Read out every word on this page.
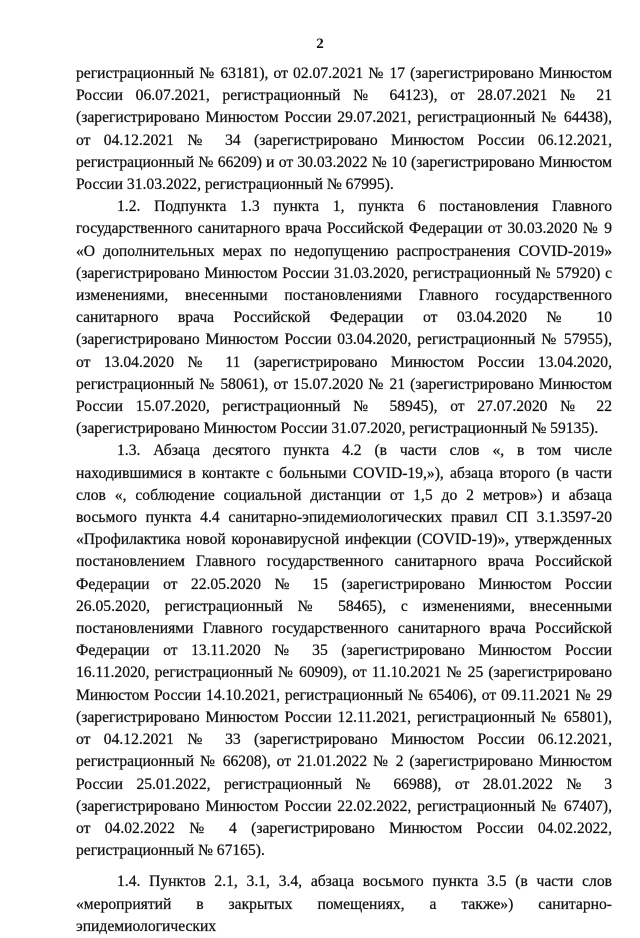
2

регистрационный № 63181), от 02.07.2021 № 17 (зарегистрировано Минюстом России 06.07.2021, регистрационный № 64123), от 28.07.2021 № 21 (зарегистрировано Минюстом России 29.07.2021, регистрационный № 64438), от 04.12.2021 № 34 (зарегистрировано Минюстом России 06.12.2021, регистрационный № 66209) и от 30.03.2022 № 10 (зарегистрировано Минюстом России 31.03.2022, регистрационный № 67995).

1.2. Подпункта 1.3 пункта 1, пункта 6 постановления Главного государственного санитарного врача Российской Федерации от 30.03.2020 № 9 «О дополнительных мерах по недопущению распространения COVID-2019» (зарегистрировано Минюстом России 31.03.2020, регистрационный № 57920) с изменениями, внесенными постановлениями Главного государственного санитарного врача Российской Федерации от 03.04.2020 № 10 (зарегистрировано Минюстом России 03.04.2020, регистрационный № 57955), от 13.04.2020 № 11 (зарегистрировано Минюстом России 13.04.2020, регистрационный № 58061), от 15.07.2020 № 21 (зарегистрировано Минюстом России 15.07.2020, регистрационный № 58945), от 27.07.2020 № 22 (зарегистрировано Минюстом России 31.07.2020, регистрационный № 59135).

1.3. Абзаца десятого пункта 4.2 (в части слов «, в том числе находившимися в контакте с больными COVID-19,»), абзаца второго (в части слов «, соблюдение социальной дистанции от 1,5 до 2 метров») и абзаца восьмого пункта 4.4 санитарно-эпидемиологических правил СП 3.1.3597-20 «Профилактика новой коронавирусной инфекции (COVID-19)», утвержденных постановлением Главного государственного санитарного врача Российской Федерации от 22.05.2020 № 15 (зарегистрировано Минюстом России 26.05.2020, регистрационный № 58465), с изменениями, внесенными постановлениями Главного государственного санитарного врача Российской Федерации от 13.11.2020 № 35 (зарегистрировано Минюстом России 16.11.2020, регистрационный № 60909), от 11.10.2021 № 25 (зарегистрировано Минюстом России 14.10.2021, регистрационный № 65406), от 09.11.2021 № 29 (зарегистрировано Минюстом России 12.11.2021, регистрационный № 65801), от 04.12.2021 № 33 (зарегистрировано Минюстом России 06.12.2021, регистрационный № 66208), от 21.01.2022 № 2 (зарегистрировано Минюстом России 25.01.2022, регистрационный № 66988), от 28.01.2022 № 3 (зарегистрировано Минюстом России 22.02.2022, регистрационный № 67407), от 04.02.2022 № 4 (зарегистрировано Минюстом России 04.02.2022, регистрационный № 67165).

1.4. Пунктов 2.1, 3.1, 3.4, абзаца восьмого пункта 3.5 (в части слов «мероприятий в закрытых помещениях, а также») санитарно-эпидемиологических
